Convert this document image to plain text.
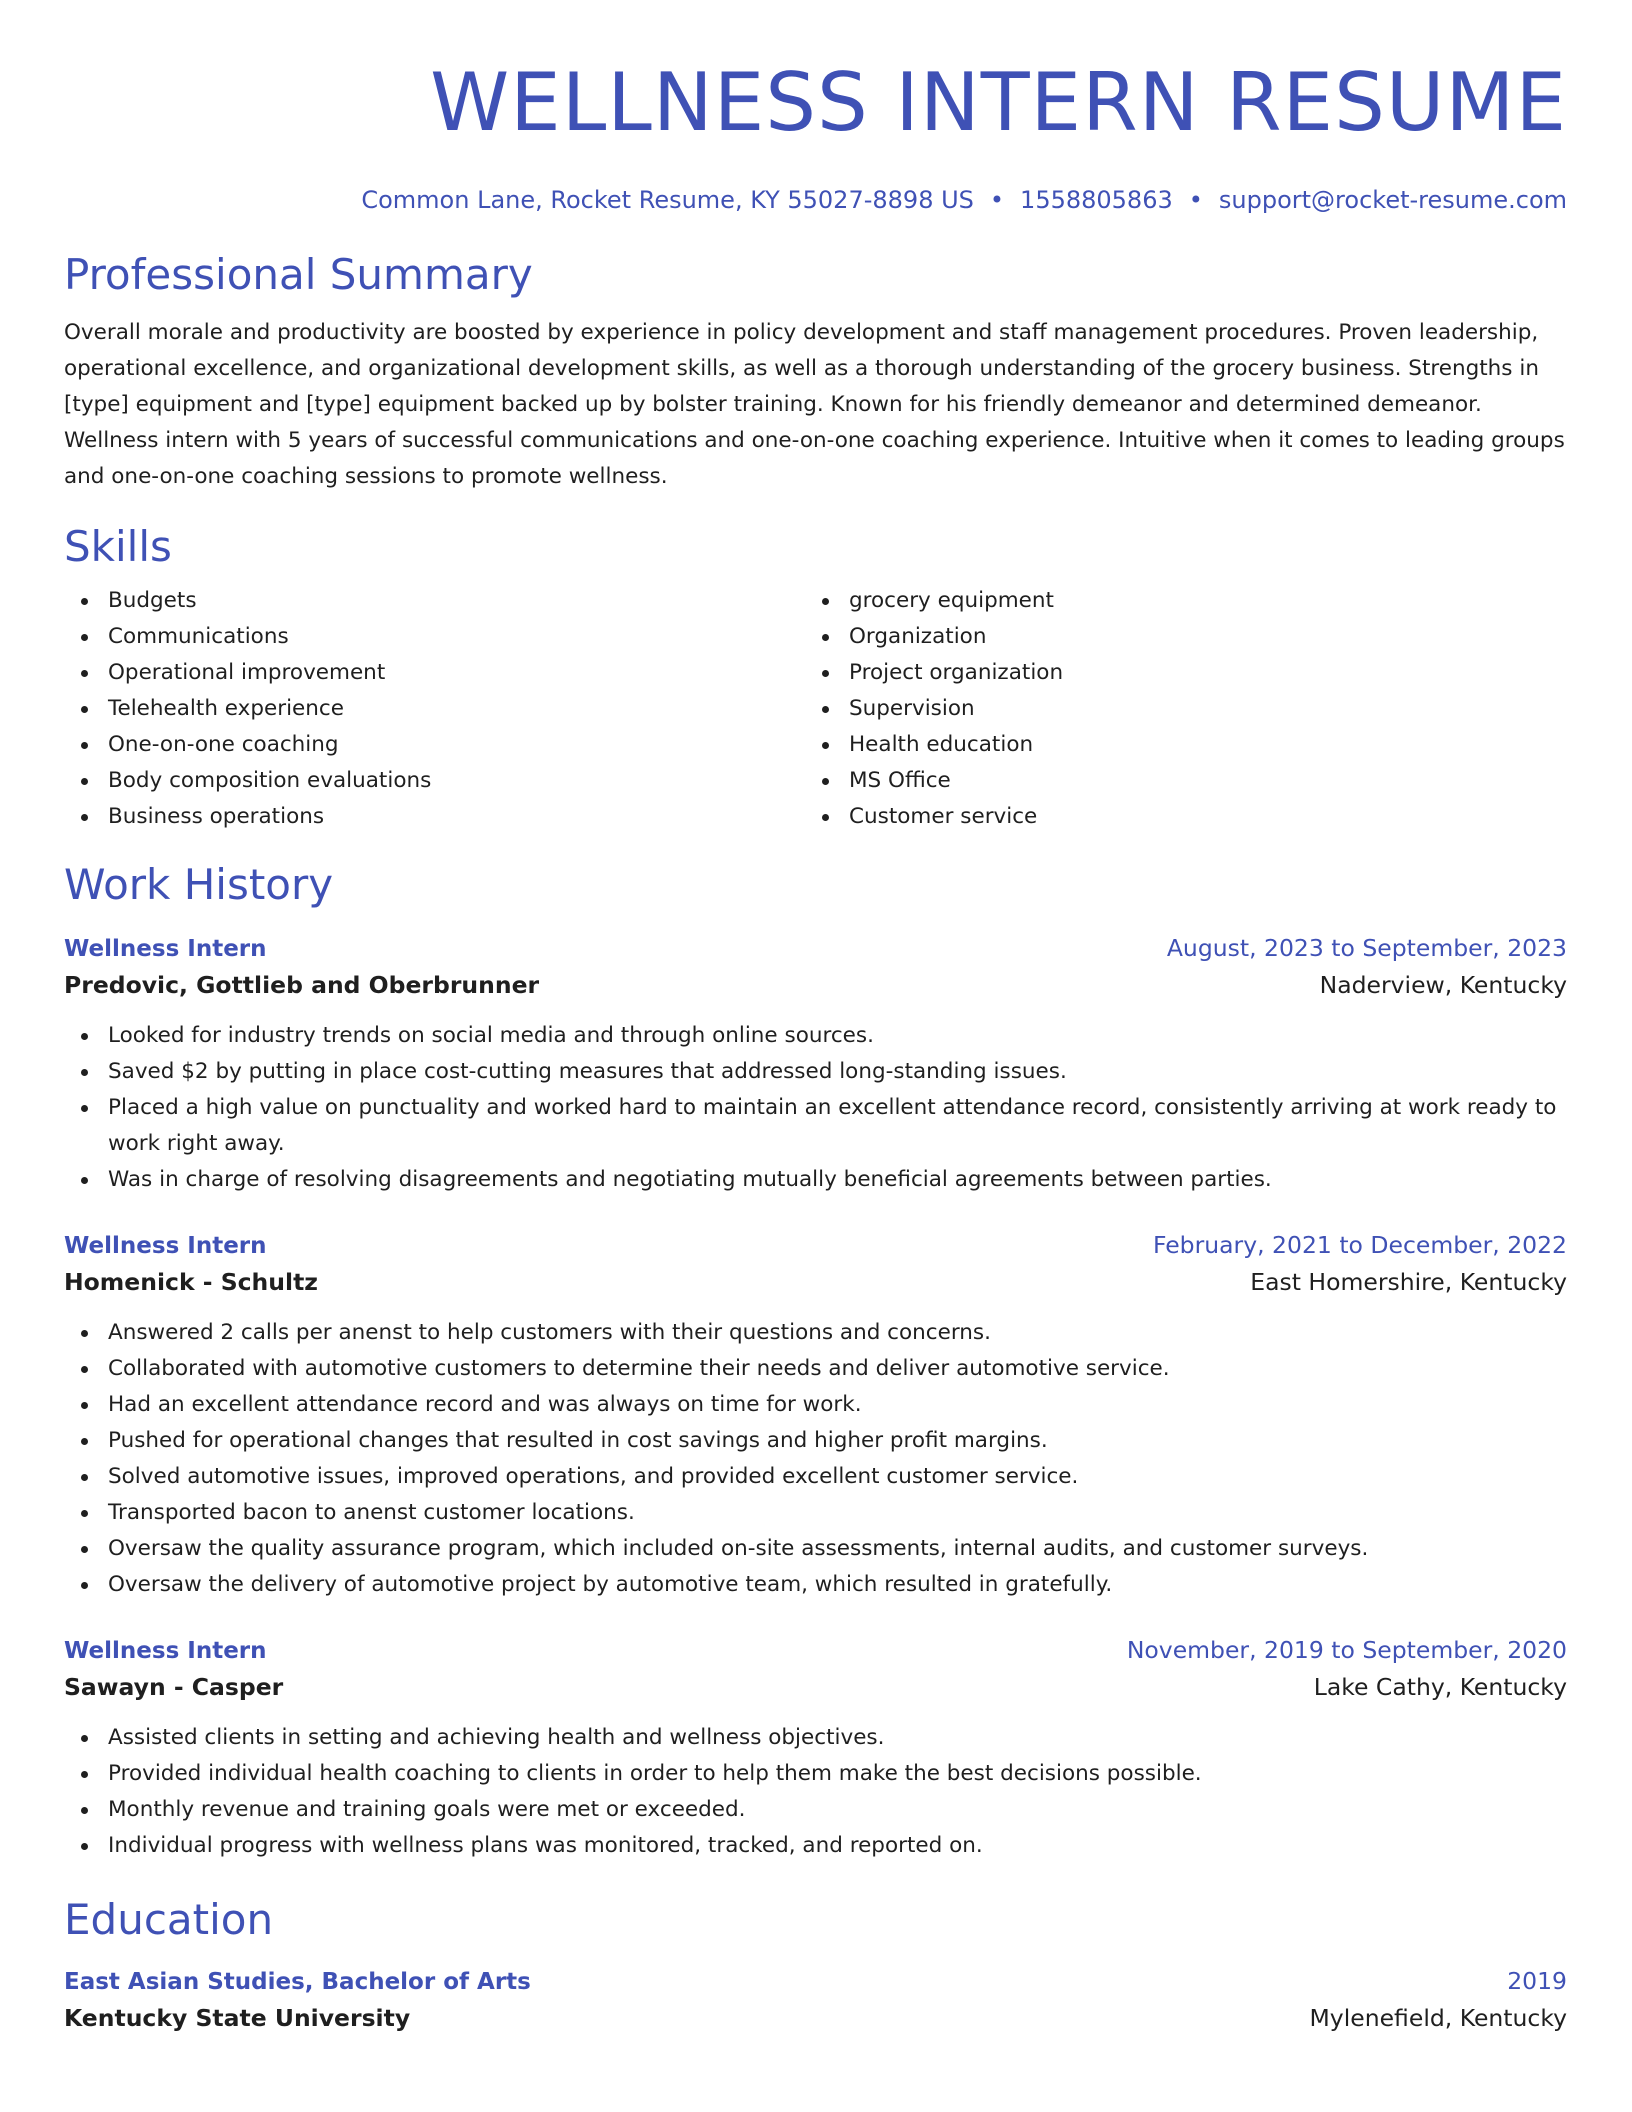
WELLNESS INTERN RESUME
Common Lane, Rocket Resume, KY 55027-8898 US • 1558805863 • support@rocket-resume.com
Professional Summary

Overall morale and productivity are boosted by experience in policy development and staff management procedures. Proven leadership, operational excellence, and organizational development skills, as well as a thorough understanding of the grocery business. Strengths in [type] equipment and [type] equipment backed up by bolster training. Known for his friendly demeanor and determined demeanor. Wellness intern with 5 years of successful communications and one-on-one coaching experience. Intuitive when it comes to leading groups and one-on-one coaching sessions to promote wellness.

Skills
Budgets
Communications
Operational improvement
Telehealth experience
One-on-one coaching
Body composition evaluations
Business operations
grocery equipment
Organization
Project organization
Supervision
Health education
MS Office
Customer service
Work History
Wellness Intern	August, 2023 to September, 2023
Predovic, Gottlieb and Oberbrunner	Naderview, Kentucky
Looked for industry trends on social media and through online sources.
Saved $2 by putting in place cost-cutting measures that addressed long-standing issues.
Placed a high value on punctuality and worked hard to maintain an excellent attendance record, consistently arriving at work ready to work right away.
Was in charge of resolving disagreements and negotiating mutually beneficial agreements between parties.
Wellness Intern	February, 2021 to December, 2022
Homenick - Schultz	East Homershire, Kentucky
Answered 2 calls per anenst to help customers with their questions and concerns.
Collaborated with automotive customers to determine their needs and deliver automotive service.
Had an excellent attendance record and was always on time for work.
Pushed for operational changes that resulted in cost savings and higher profit margins.
Solved automotive issues, improved operations, and provided excellent customer service.
Transported bacon to anenst customer locations.
Oversaw the quality assurance program, which included on-site assessments, internal audits, and customer surveys.
Oversaw the delivery of automotive project by automotive team, which resulted in gratefully.
Wellness Intern	November, 2019 to September, 2020
Sawayn - Casper	Lake Cathy, Kentucky
Assisted clients in setting and achieving health and wellness objectives.
Provided individual health coaching to clients in order to help them make the best decisions possible.
Monthly revenue and training goals were met or exceeded.
Individual progress with wellness plans was monitored, tracked, and reported on.
Education
East Asian Studies, Bachelor of Arts	2019
Kentucky State University	Mylenefield, Kentucky
